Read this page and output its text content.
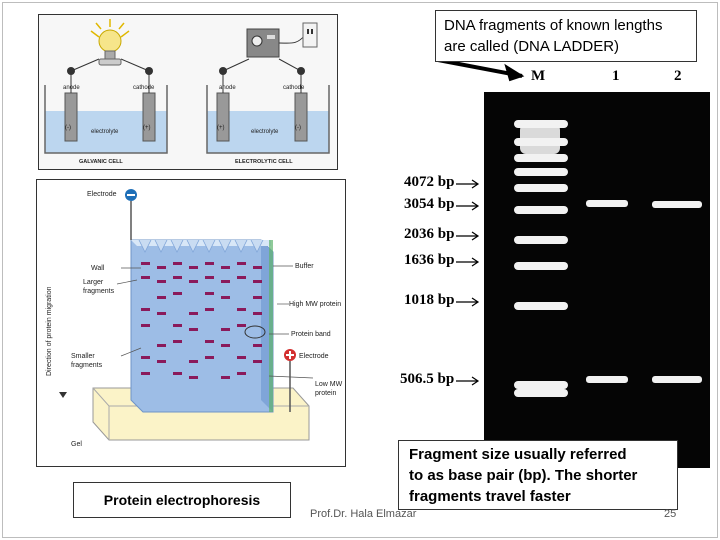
anode	cathode
electrolyte
(-)	(+)
GALVANIC CELL
anode	cathode
electrolyte
(+)	(-)
ELECTROLYTIC CELL
Electrode
Direction of protein migration
Wall
Larger
fragments
Smaller
fragments
Gel
Buffer
High MW protein
Protein band
Electrode
Low MW
protein
Protein electrophoresis
M	1	2
4072 bp
3054 bp
2036 bp
1636 bp
1018 bp
506.5 bp
DNA fragments of known lengths
are called (DNA LADDER)
Fragment size usually referred
to as base pair (bp). The shorter
fragments travel faster
Prof.Dr. Hala Elmazar	25
